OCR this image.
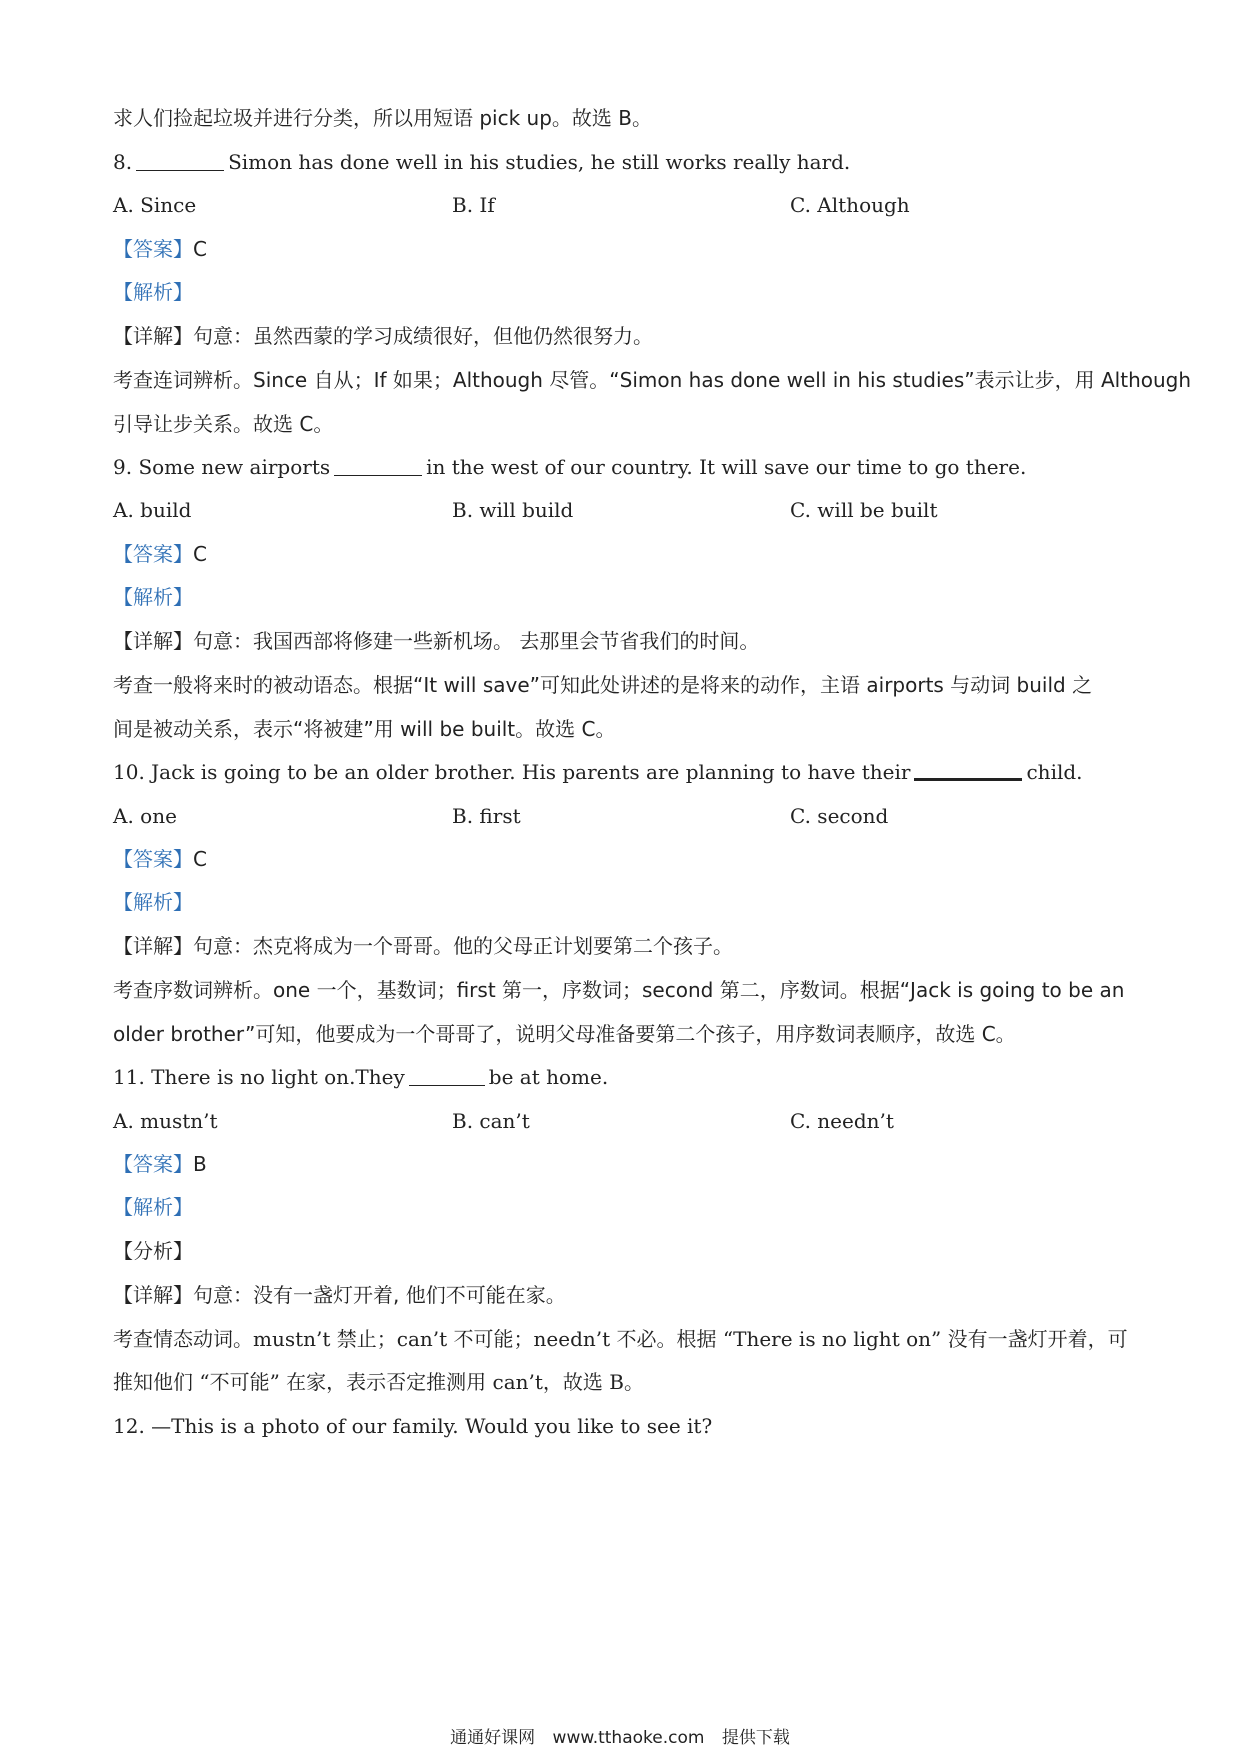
求人们捡起垃圾并进行分类，所以用短语 pick up。故选 B。
8.	Simon has done well in his studies, he still works really hard.
A. Since	B. If	C. Although
【答案】C
【解析】
【详解】句意：虽然西蒙的学习成绩很好，但他仍然很努力。
考查连词辨析。Since 自从；If 如果；Although 尽管。“Simon has done well in his studies”表示让步，用 Although
引导让步关系。故选 C。
9. Some new airports	in the west of our country. It will save our time to go there.
A. build	B. will build	C. will be built
【答案】C
【解析】
【详解】句意：我国西部将修建一些新机场。 去那里会节省我们的时间。
考查一般将来时的被动语态。根据“It will save”可知此处讲述的是将来的动作，主语 airports 与动词 build 之
间是被动关系，表示“将被建”用 will be built。故选 C。
10. Jack is going to be an older brother. His parents are planning to have their	child.
A. one	B. first	C. second
【答案】C
【解析】
【详解】句意：杰克将成为一个哥哥。他的父母正计划要第二个孩子。
考查序数词辨析。one 一个，基数词；first 第一，序数词；second 第二，序数词。根据“Jack is going to be an
older brother”可知，他要成为一个哥哥了，说明父母准备要第二个孩子，用序数词表顺序，故选 C。
11. There is no light on.They	be at home.
A. mustn’t	B. can’t	C. needn’t
【答案】B
【解析】
【分析】
【详解】句意：没有一盏灯开着, 他们不可能在家。
考查情态动词。mustn’t 禁止；can’t 不可能；needn’t 不必。根据 “There is no light on” 没有一盏灯开着，可
推知他们 “不可能” 在家，表示否定推测用 can’t，故选 B。
12. —This is a photo of our family. Would you like to see it?
通通好课网 www.tthaoke.com 提供下载
